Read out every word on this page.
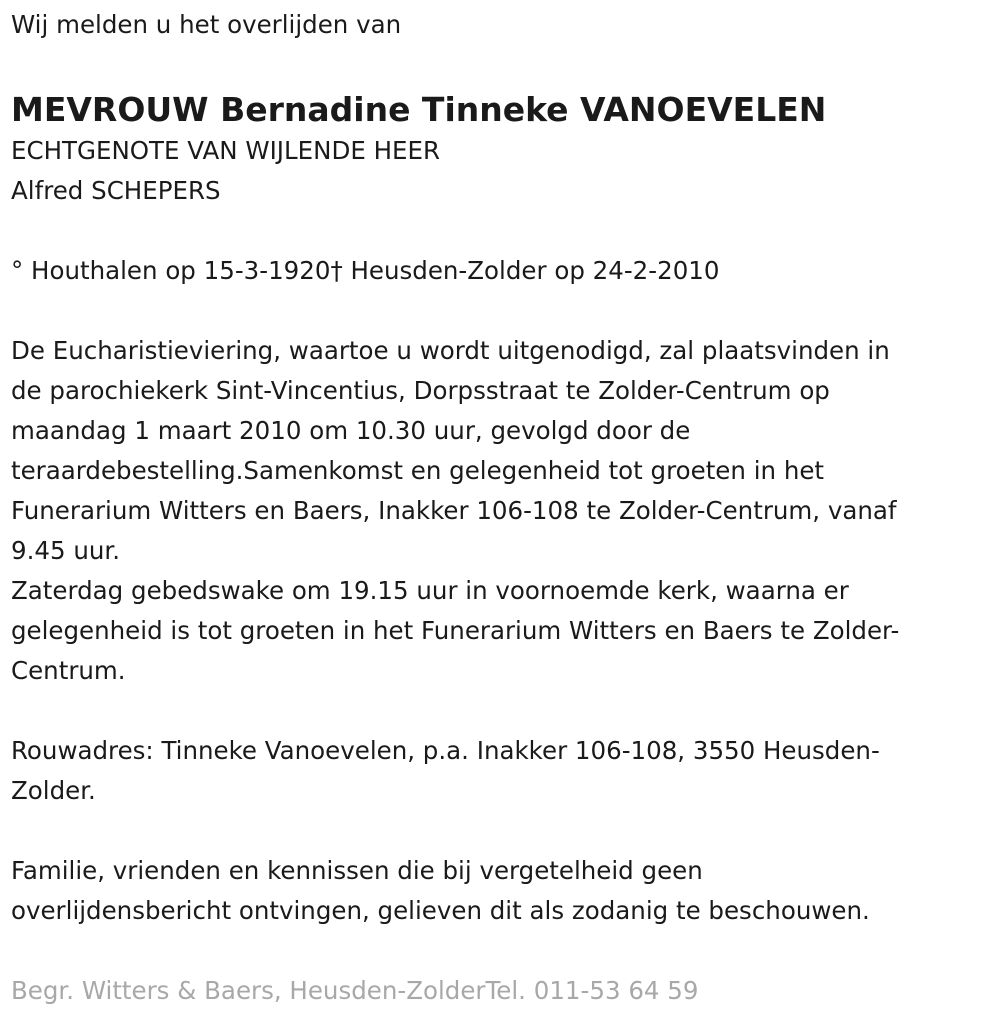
Wij melden u het overlijden van

MEVROUW Bernadine Tinneke VANOEVELEN

ECHTGENOTE VAN WIJLENDE HEER

Alfred SCHEPERS

° Houthalen op 15-3-1920† Heusden-Zolder op 24-2-2010

De Eucharistieviering, waartoe u wordt uitgenodigd, zal plaatsvinden in

de parochiekerk Sint-Vincentius, Dorpsstraat te Zolder-Centrum op

maandag 1 maart 2010 om 10.30 uur, gevolgd door de

teraardebestelling.Samenkomst en gelegenheid tot groeten in het

Funerarium Witters en Baers, Inakker 106-108 te Zolder-Centrum, vanaf

9.45 uur.

Zaterdag gebedswake om 19.15 uur in voornoemde kerk, waarna er

gelegenheid is tot groeten in het Funerarium Witters en Baers te Zolder-

Centrum.

Rouwadres: Tinneke Vanoevelen, p.a. Inakker 106-108, 3550 Heusden-

Zolder.

Familie, vrienden en kennissen die bij vergetelheid geen

overlijdensbericht ontvingen, gelieven dit als zodanig te beschouwen.

Begr. Witters & Baers, Heusden-ZolderTel. 011-53 64 59
